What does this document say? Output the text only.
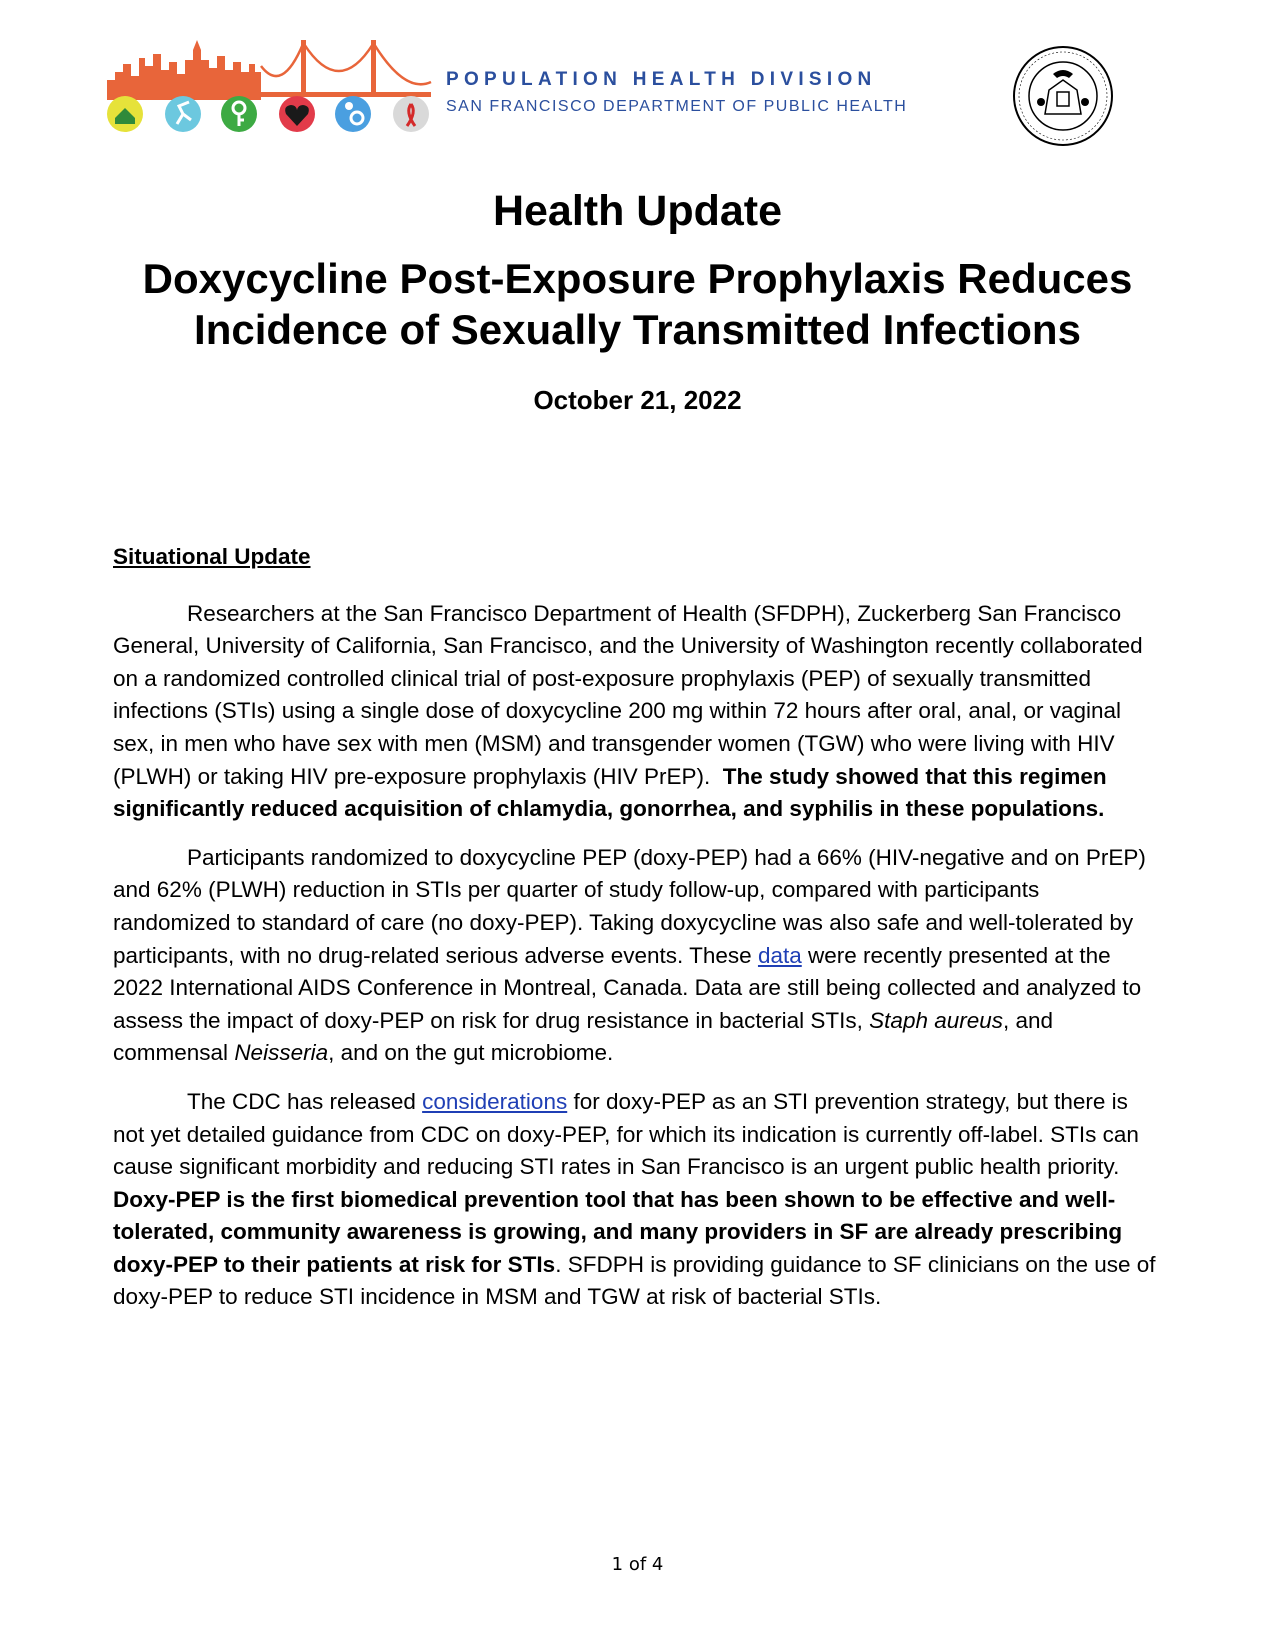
POPULATION HEALTH DIVISION
SAN FRANCISCO DEPARTMENT OF PUBLIC HEALTH
Health Update
Doxycycline Post-Exposure Prophylaxis Reduces Incidence of Sexually Transmitted Infections
October 21, 2022
Situational Update

Researchers at the San Francisco Department of Health (SFDPH), Zuckerberg San Francisco General, University of California, San Francisco, and the University of Washington recently collaborated on a randomized controlled clinical trial of post-exposure prophylaxis (PEP) of sexually transmitted infections (STIs) using a single dose of doxycycline 200 mg within 72 hours after oral, anal, or vaginal sex, in men who have sex with men (MSM) and transgender women (TGW) who were living with HIV (PLWH) or taking HIV pre-exposure prophylaxis (HIV PrEP). The study showed that this regimen significantly reduced acquisition of chlamydia, gonorrhea, and syphilis in these populations.

Participants randomized to doxycycline PEP (doxy-PEP) had a 66% (HIV-negative and on PrEP) and 62% (PLWH) reduction in STIs per quarter of study follow-up, compared with participants randomized to standard of care (no doxy-PEP). Taking doxycycline was also safe and well-tolerated by participants, with no drug-related serious adverse events. These data were recently presented at the 2022 International AIDS Conference in Montreal, Canada. Data are still being collected and analyzed to assess the impact of doxy-PEP on risk for drug resistance in bacterial STIs, Staph aureus, and commensal Neisseria, and on the gut microbiome.

The CDC has released considerations for doxy-PEP as an STI prevention strategy, but there is not yet detailed guidance from CDC on doxy-PEP, for which its indication is currently off-label. STIs can cause significant morbidity and reducing STI rates in San Francisco is an urgent public health priority. Doxy-PEP is the first biomedical prevention tool that has been shown to be effective and well-tolerated, community awareness is growing, and many providers in SF are already prescribing doxy-PEP to their patients at risk for STIs. SFDPH is providing guidance to SF clinicians on the use of doxy-PEP to reduce STI incidence in MSM and TGW at risk of bacterial STIs.

1 of 4
